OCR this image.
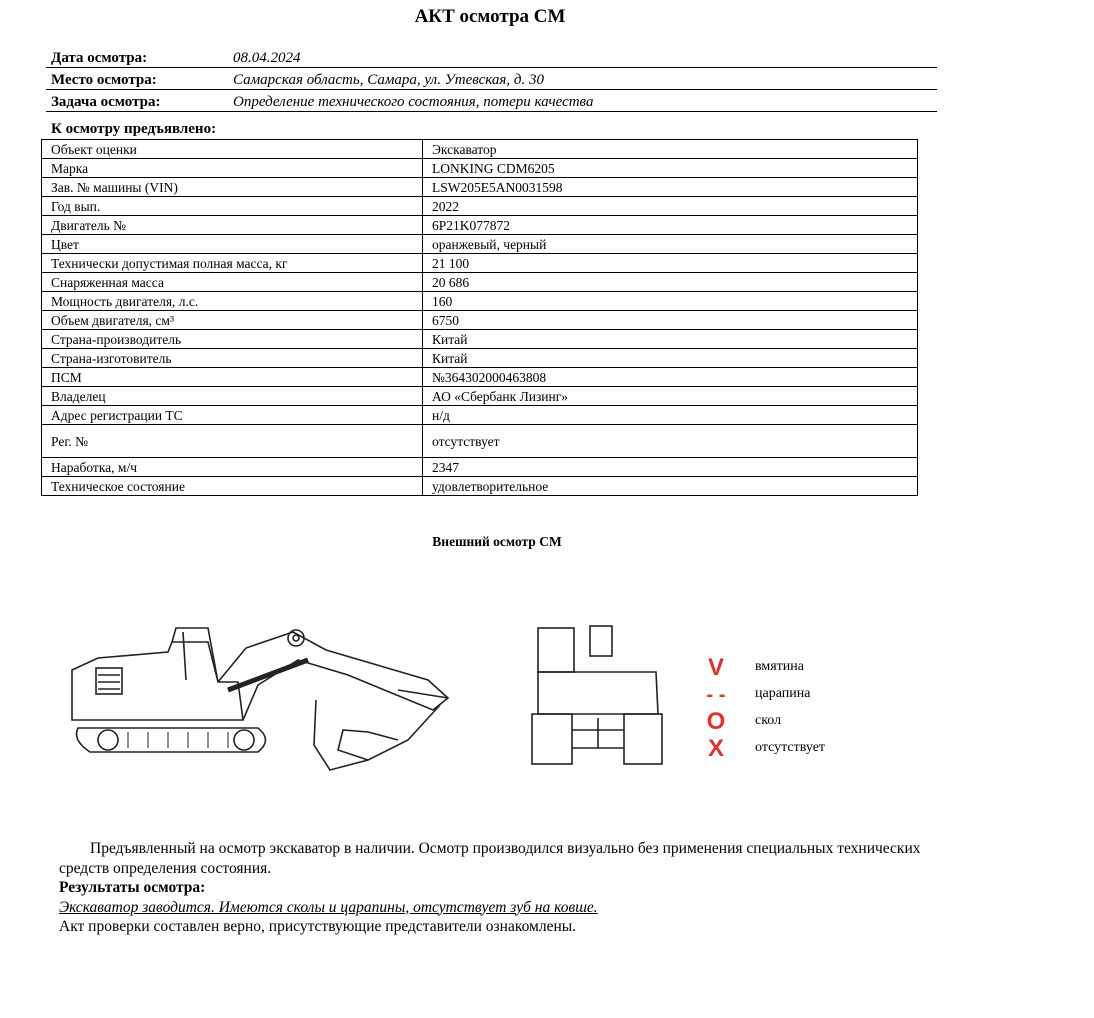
АКТ осмотра СМ
Дата осмотра:	08.04.2024
Место осмотра:	Самарская область, Самара, ул. Утевская, д. 30
Задача осмотра:	Определение технического состояния, потери качества
К осмотру предъявлено:
Объект оценки	Экскаватор
Марка	LONKING CDM6205
Зав. № машины (VIN)	LSW205E5AN0031598
Год вып.	2022
Двигатель №	6P21K077872
Цвет	оранжевый, черный
Технически допустимая полная масса, кг	21 100
Снаряженная масса	20 686
Мощность двигателя, л.с.	160
Объем двигателя, см³	6750
Страна-производитель	Китай
Страна-изготовитель	Китай
ПСМ	№364302000463808
Владелец	АО «Сбербанк Лизинг»
Адрес регистрации ТС	н/д
Рег. №	отсутствует
Наработка, м/ч	2347
Техническое состояние	удовлетворительное
Внешний осмотр СМ
V	вмятина
- -	царапина
O	скол
X	отсутствует
Предъявленный на осмотр экскаватор в наличии. Осмотр производился визуально без применения специальных технических средств определения состояния.
Результаты осмотра:
Экскаватор заводится. Имеются сколы и царапины, отсутствует зуб на ковше.
Акт проверки составлен верно, присутствующие представители ознакомлены.
